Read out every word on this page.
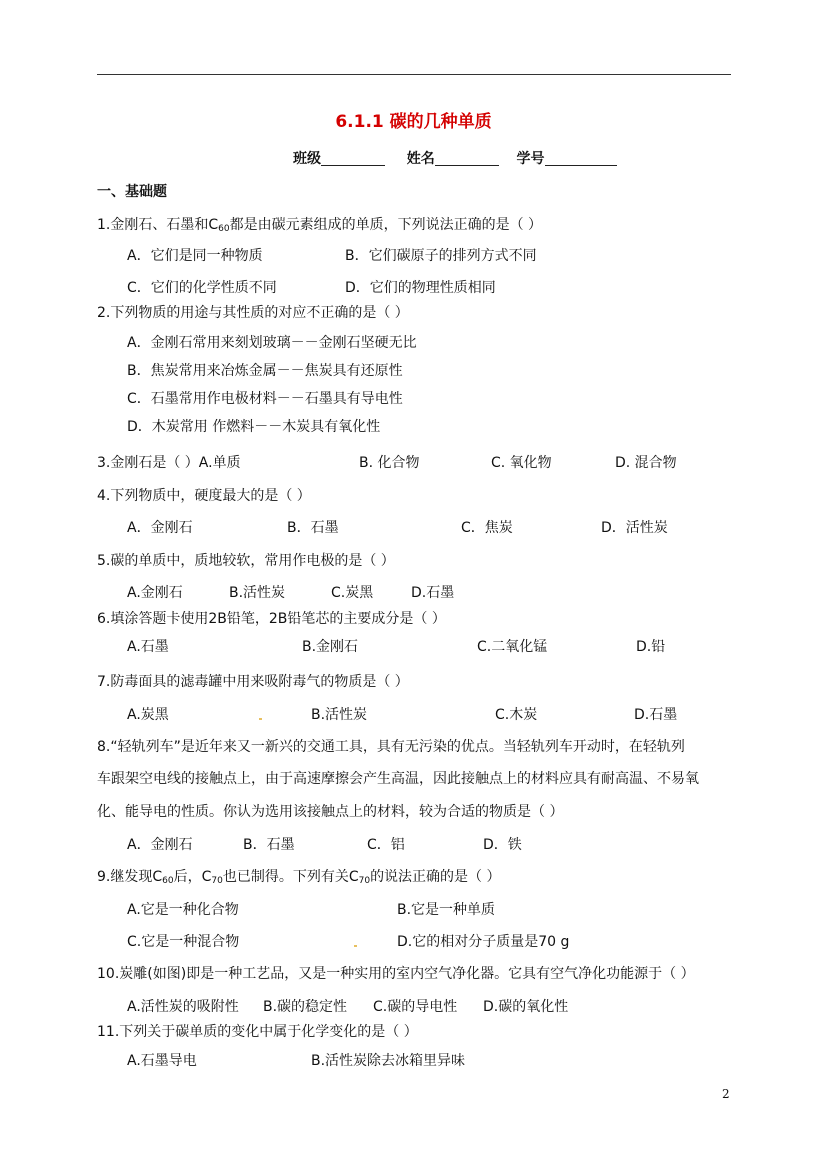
6.1.1 碳的几种单质
班级	姓名	学号
一、基础题
1.金刚石、石墨和$C_{60}$都是由碳元素组成的单质，下列说法正确的是（ ）
A．它们是同一种物质	B．它们碳原子的排列方式不同
C．它们的化学性质不同	D．它们的物理性质相同
2.下列物质的用途与其性质的对应不正确的是（ ）
A．金刚石常用来刻划玻璃－－金刚石坚硬无比
B．焦炭常用来冶炼金属－－焦炭具有还原性
C．石墨常用作电极材料－－石墨具有导电性
D．木炭常用 作燃料－－木炭具有氧化性
3.金刚石是（ ）A.单质	B. 化合物	C. 氧化物	D. 混合物
4.下列物质中，硬度最大的是（ ）
A．金刚石	B．石墨	C．焦炭	D．活性炭
5.碳的单质中，质地较软，常用作电极的是（ ）
A.金刚石	B.活性炭	C.炭黑	D.石墨
6.填涂答题卡使用2B铅笔，2B铅笔芯的主要成分是（ ）
A.石墨	B.金刚石	C.二氧化锰	D.铅
7.防毒面具的滤毒罐中用来吸附毒气的物质是（ ）
A.炭黑	B.活性炭	C.木炭	D.石墨
8.“轻轨列车”是近年来又一新兴的交通工具，具有无污染的优点。当轻轨列车开动时，在轻轨列
车跟架空电线的接触点上，由于高速摩擦会产生高温，因此接触点上的材料应具有耐高温、不易氧
化、能导电的性质。你认为选用该接触点上的材料，较为合适的物质是（ ）
A．金刚石	B．石墨	C．铝	D．铁
9.继发现$C_{60}$后，$C_{70}$也已制得。下列有关$C_{70}$的说法正确的是（ ）
A.它是一种化合物	B.它是一种单质
C.它是一种混合物	D.它的相对分子质量是70 g
10.炭雕(如图)即是一种工艺品，又是一种实用的室内空气净化器。它具有空气净化功能源于（ ）
A.活性炭的吸附性 B.碳的稳定性 C.碳的导电性 D.碳的氧化性
11.下列关于碳单质的变化中属于化学变化的是（ ）
A.石墨导电	B.活性炭除去冰箱里异味
2
